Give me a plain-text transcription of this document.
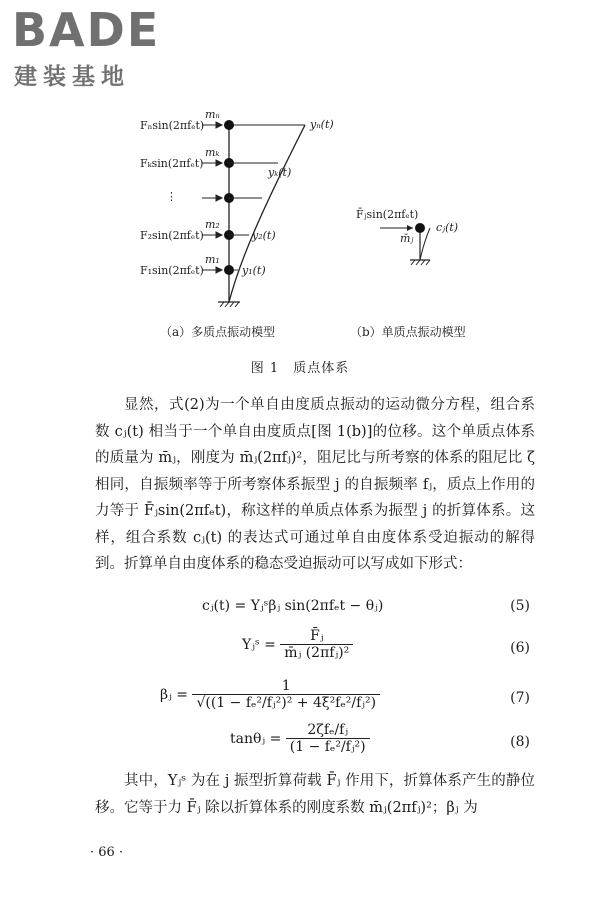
BADE
建装基地
Fₙsin(2πfₑt)
Fₖsin(2πfₑt)
⋮
F₂sin(2πfₑt)
F₁sin(2πfₑt)
mₙ
mₖ
m₂
m₁
yₙ(t)
yₖ(t)
y₂(t)
y₁(t)
F̄ⱼsin(2πfₑt)
m̄ⱼ
cⱼ(t)
（a）多质点振动模型	（b）单质点振动模型
图 1　质点体系

显然，式(2)为一个单自由度质点振动的运动微分方程，组合系数 cⱼ(t) 相当于一个单自由度质点[图 1(b)]的位移。这个单质点体系的质量为 m̄ⱼ，刚度为 m̄ⱼ(2πfⱼ)²，阻尼比与所考察的体系的阻尼比 ζ 相同，自振频率等于所考察体系振型 j 的自振频率 fⱼ，质点上作用的力等于 F̄ⱼsin(2πfₑt)，称这样的单质点体系为振型 j 的折算体系。这样，组合系数 cⱼ(t) 的表达式可通过单自由度体系受迫振动的解得到。折算单自由度体系的稳态受迫振动可以写成如下形式：

cⱼ(t) = Yⱼˢβⱼ sin(2πfₑt − θⱼ)	(5)
Yⱼˢ = $\frac{\text{F̄ⱼ}}{\text{m̄ⱼ (2πfⱼ)²}}$	(6)
βⱼ = $\frac{1}{\text{√((1 − fₑ²/fⱼ²)² + 4ξ²fₑ²/fⱼ²)}}$	(7)
tanθⱼ = $\frac{\text{2ζfₑ/fⱼ}}{\text{(1 − fₑ²/fⱼ²)}}$	(8)

其中，Yⱼˢ 为在 j 振型折算荷载 F̄ⱼ 作用下，折算体系产生的静位移。它等于力 F̄ⱼ 除以折算体系的刚度系数 m̄ⱼ(2πfⱼ)²；βⱼ 为

· 66 ·
